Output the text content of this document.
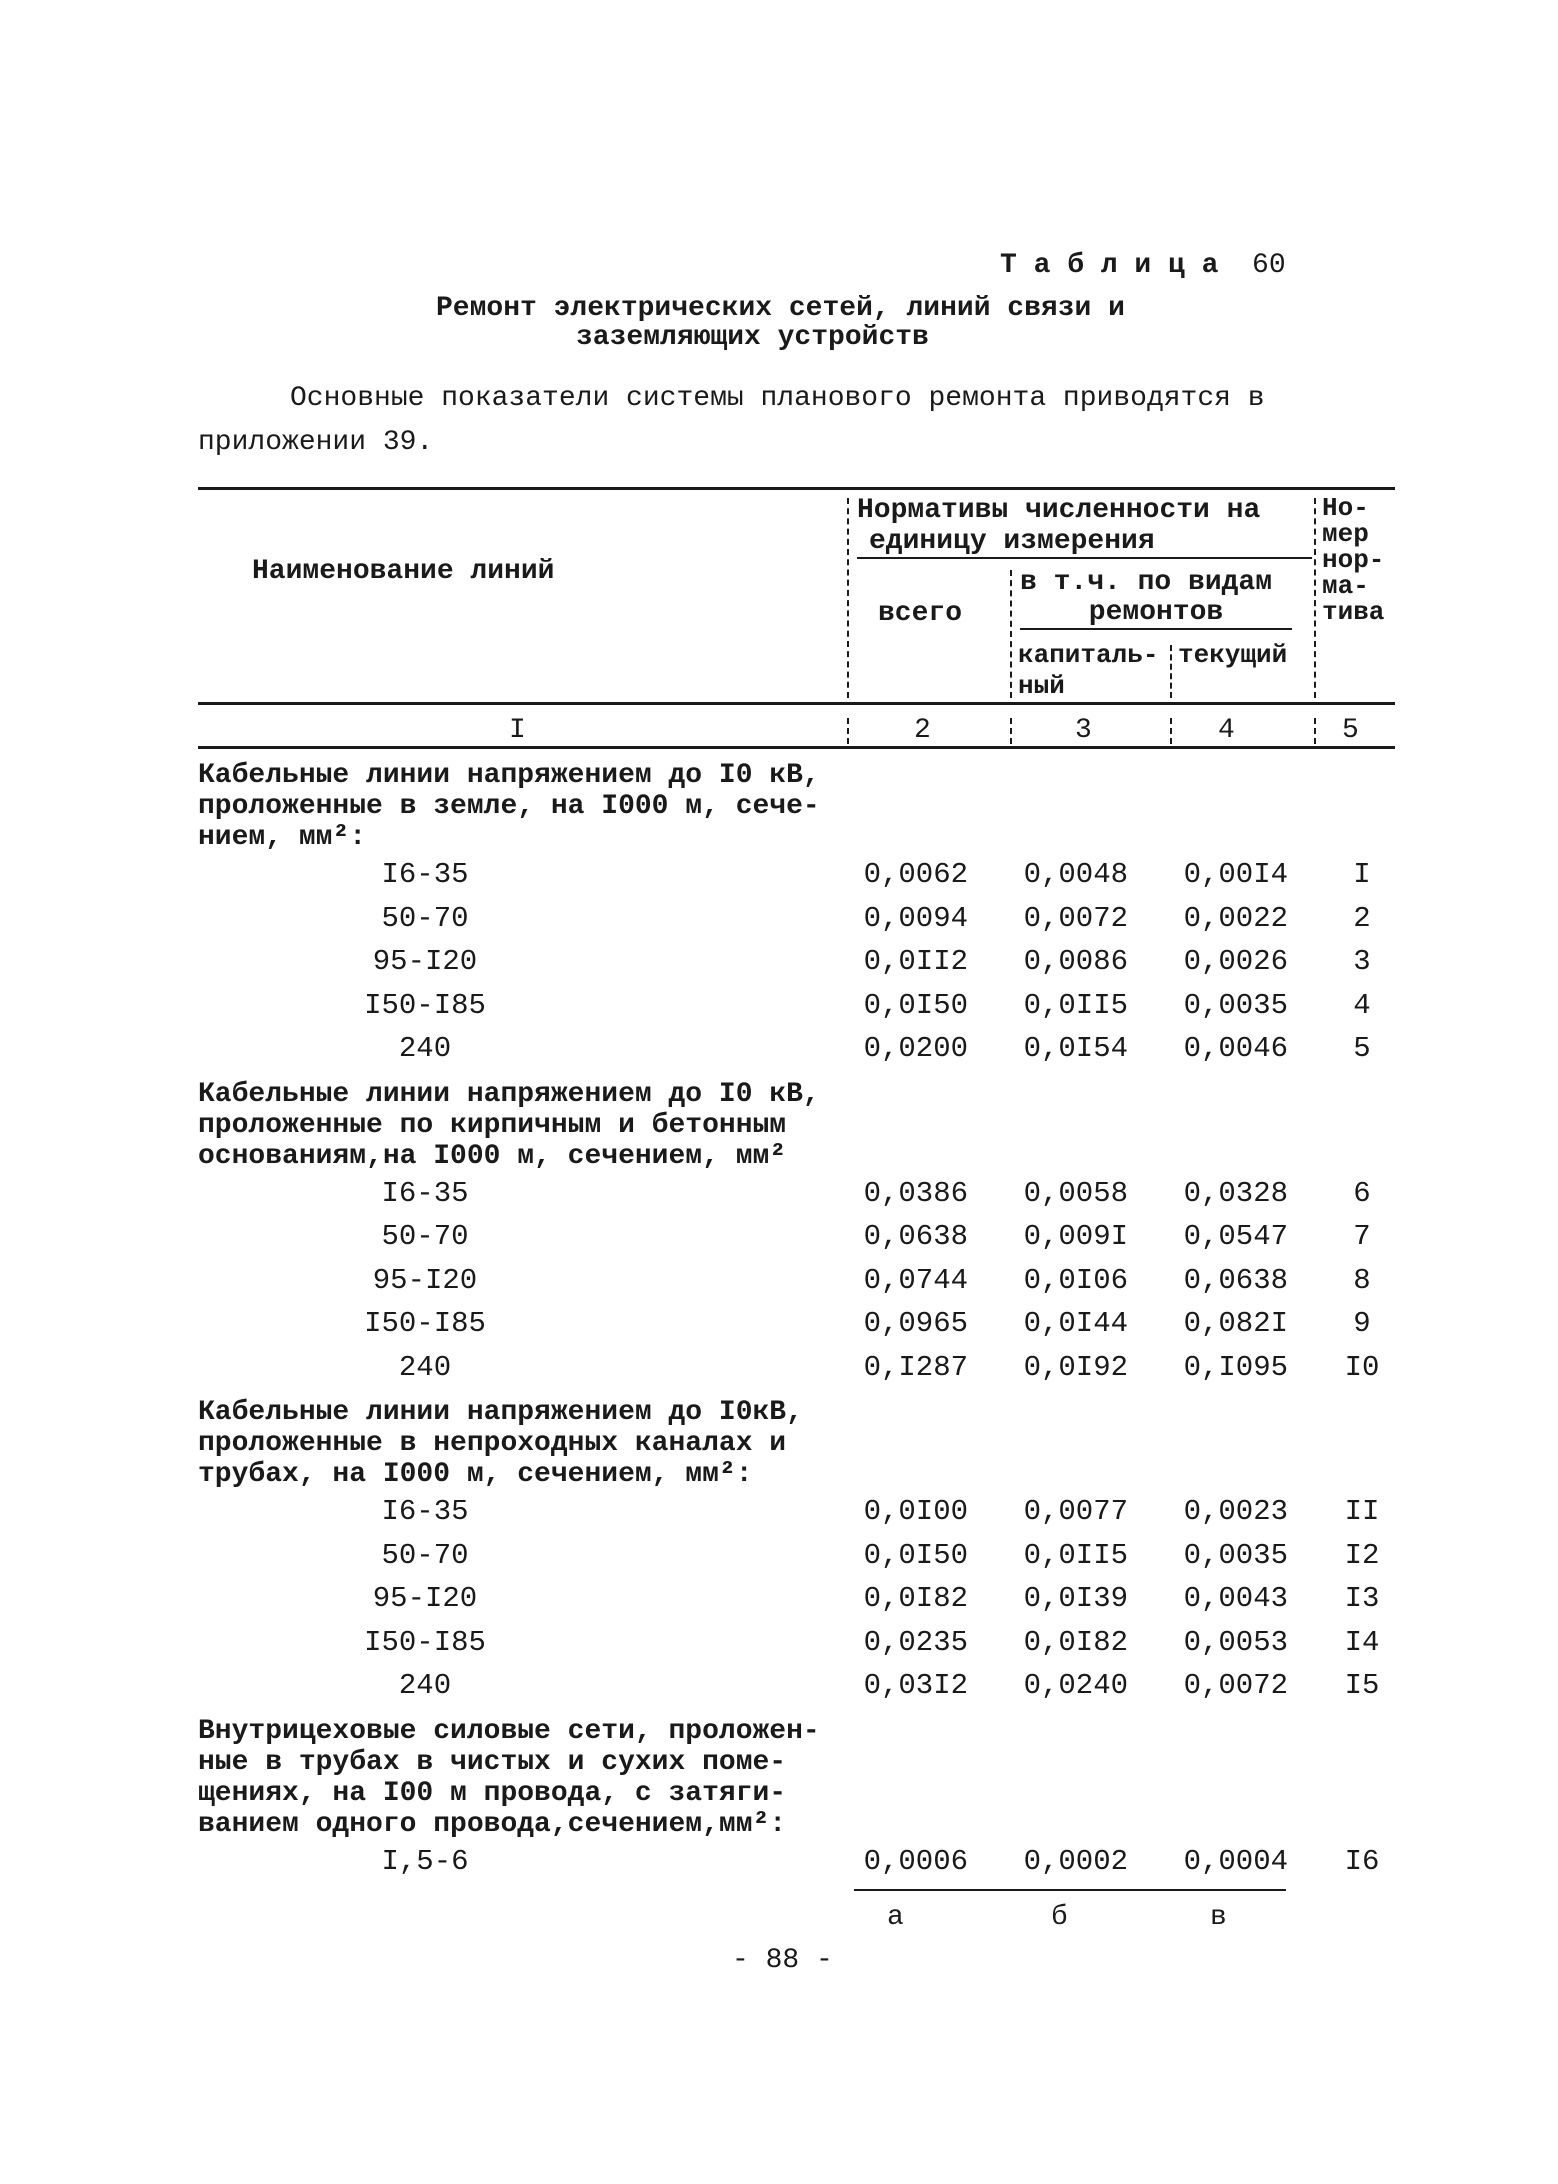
Т а б л и ц а 60
Ремонт электрических сетей, линий связи и
заземляющих устройств
Основные показатели системы планового ремонта приводятся в
приложении 39.
Наименование линий
Нормативы численности на
единицу измерения
всего
в т.ч. по видам
ремонтов
капиталь-
ный
текущий
Но-
мер
нор-
ма-
тива
I	2	3	4	5
Кабельные линии напряжением до I0 кВ,
проложенные в земле, на I000 м, сече-
нием, мм²:
I6-35	0,0062	0,0048	0,00I4	I
50-70	0,0094	0,0072	0,0022	2
95-I20	0,0II2	0,0086	0,0026	3
I50-I85	0,0I50	0,0II5	0,0035	4
240	0,0200	0,0I54	0,0046	5
Кабельные линии напряжением до I0 кВ,
проложенные по кирпичным и бетонным
основаниям,на I000 м, сечением, мм²
I6-35	0,0386	0,0058	0,0328	6
50-70	0,0638	0,009I	0,0547	7
95-I20	0,0744	0,0I06	0,0638	8
I50-I85	0,0965	0,0I44	0,082I	9
240	0,I287	0,0I92	0,I095	I0
Кабельные линии напряжением до I0кВ,
проложенные в непроходных каналах и
трубах, на I000 м, сечением, мм²:
I6-35	0,0I00	0,0077	0,0023	II
50-70	0,0I50	0,0II5	0,0035	I2
95-I20	0,0I82	0,0I39	0,0043	I3
I50-I85	0,0235	0,0I82	0,0053	I4
240	0,03I2	0,0240	0,0072	I5
Внутрицеховые силовые сети, проложен-
ные в трубах в чистых и сухих поме-
щениях, на I00 м провода, с затяги-
ванием одного провода,сечением,мм²:
I,5-6	0,0006	0,0002	0,0004	I6
а	б	в
- 88 -
